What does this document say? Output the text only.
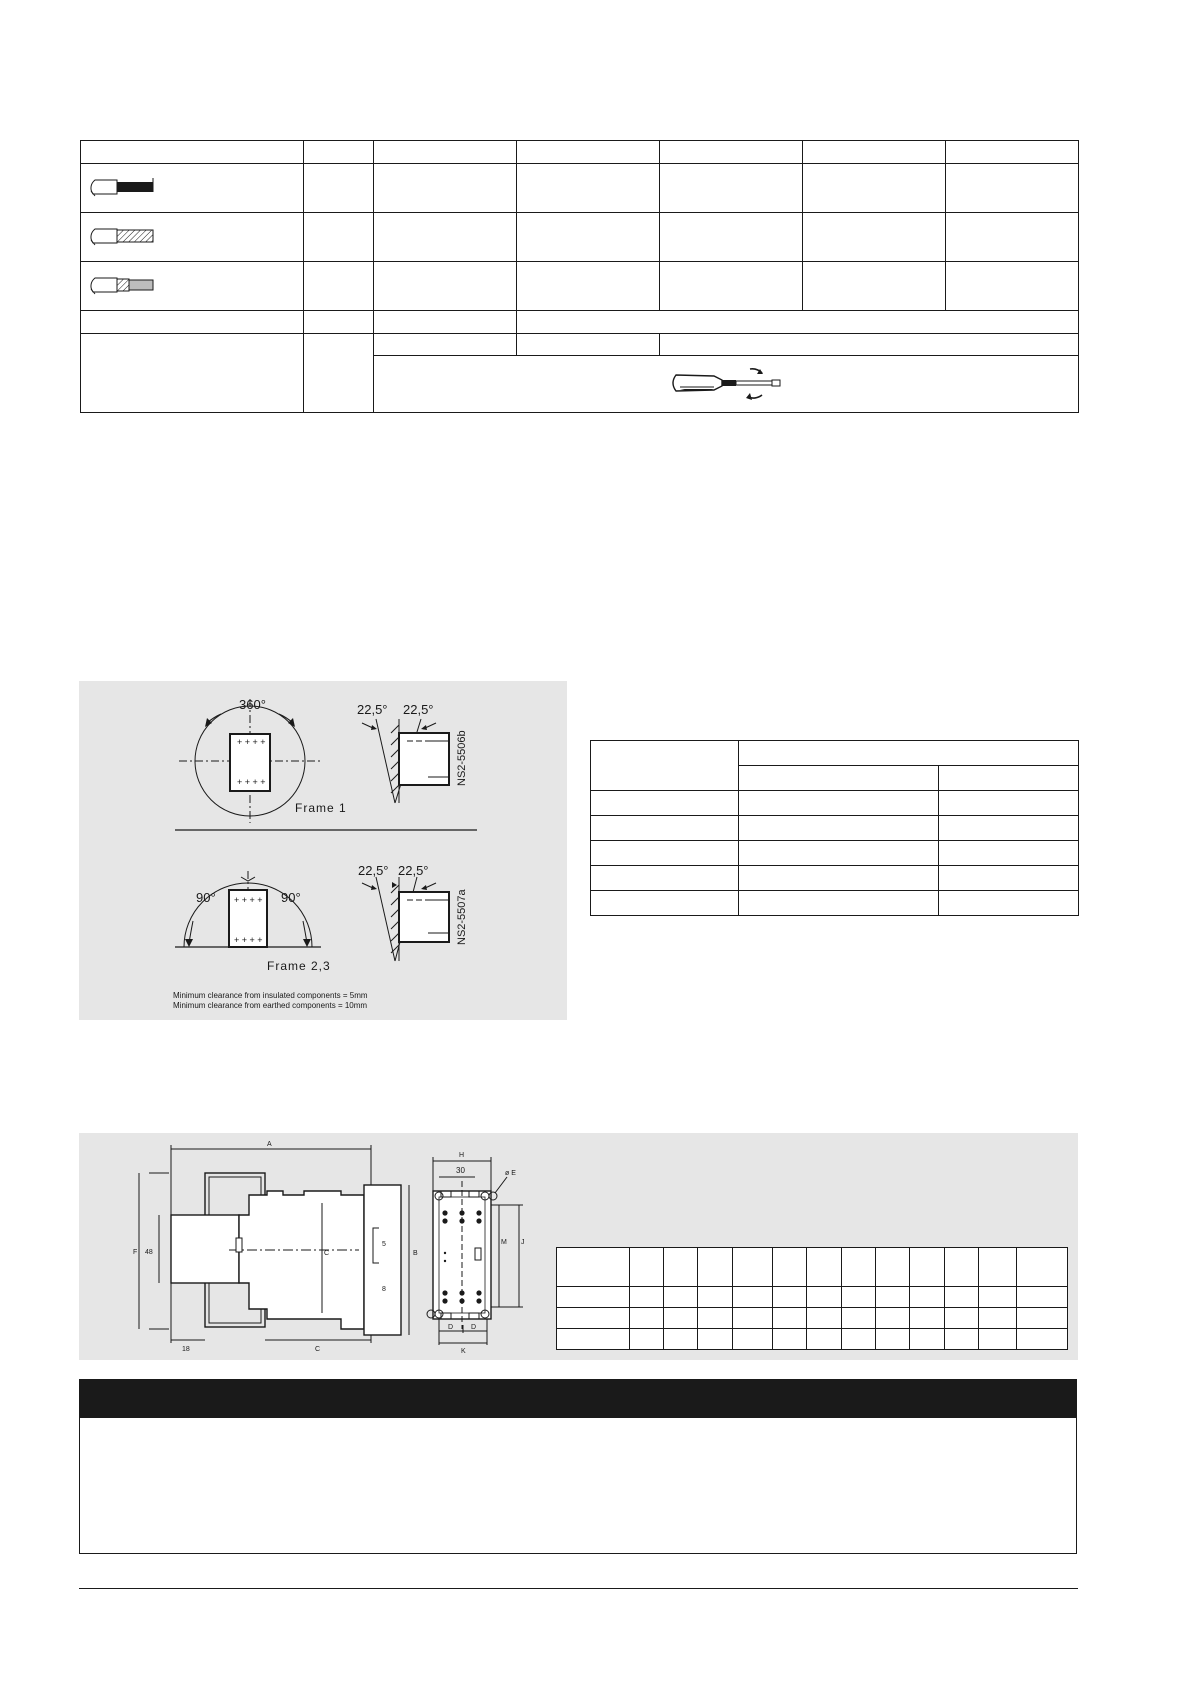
+ + + +
+ + + +
360°
Frame 1
22,5° 22,5°
NS2-5506b
+ + + +
+ + + +
90°	90°
Frame 2,3
22,5° 22,5°
NS2-5507a
Minimum clearance from insulated components = 5mm
Minimum clearance from earthed components = 10mm

A
F 48
18	C
C	B
5
8
H
30	ø E
M J
D	D
K
